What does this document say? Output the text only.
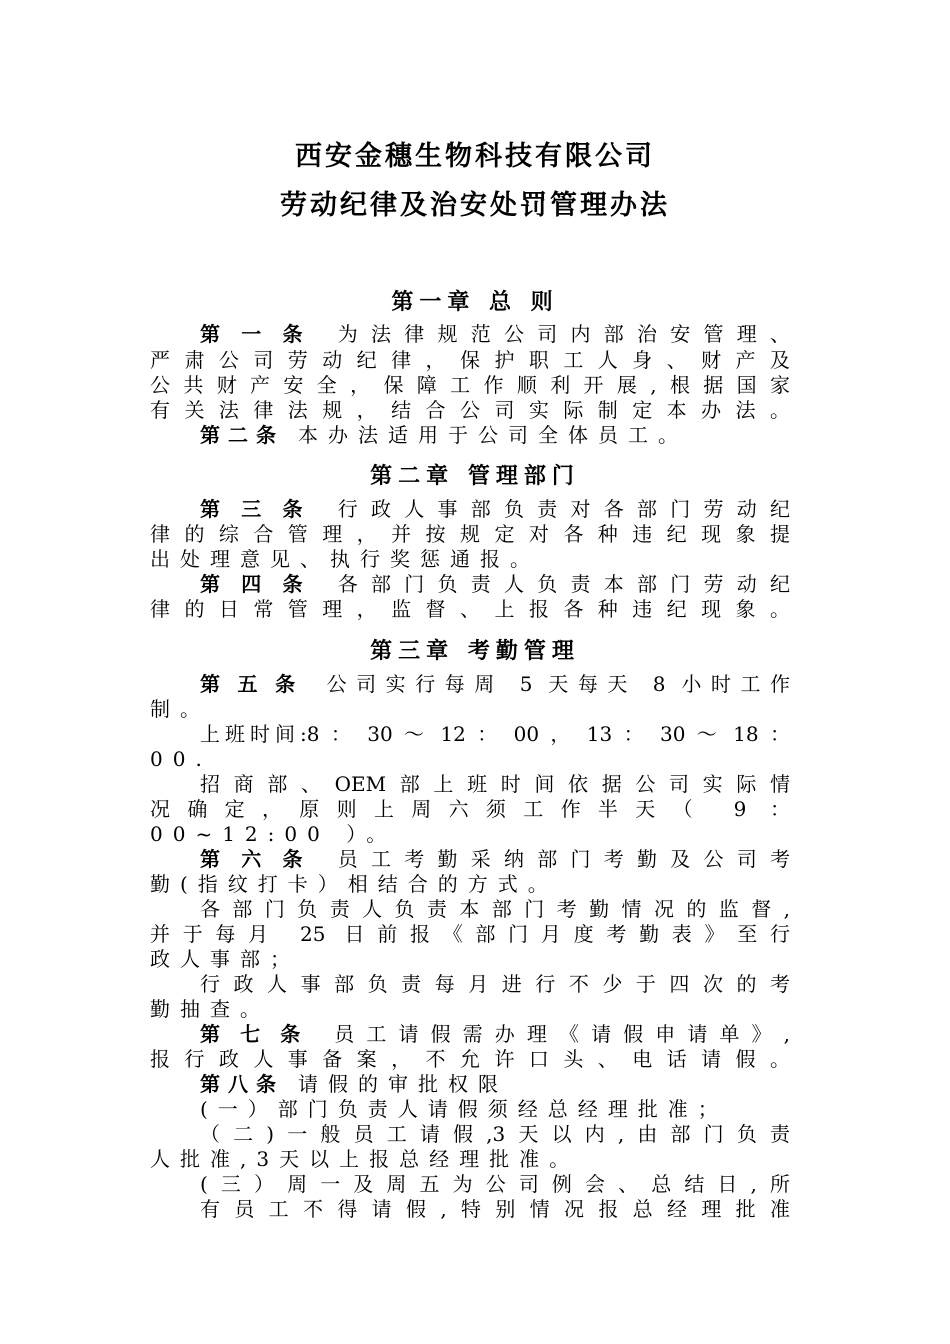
西安金穗生物科技有限公司
劳动纪律及治安处罚管理办法
第一章 总 则
第一条 为法律规范公司内部治安管理、
严肃公司劳动纪律，保护职工人身、财产及
公共财产安全，保障工作顺利开展,根据国家
有关法律法规，结合公司实际制定本办法。
第二条 本办法适用于公司全体员工。
第二章 管理部门
第三条 行政人事部负责对各部门劳动纪
律的综合管理，并按规定对各种违纪现象提
出处理意见、执行奖惩通报。
第四条 各部门负责人负责本部门劳动纪
律的日常管理，监督、上报各种违纪现象。
第三章 考勤管理
第五条 公司实行每周 5 天每天 8 小时工作
制。
上班时间:8 ： 30 ～ 12 ： 00 ， 13 ： 30 ～ 18 ：
00.
招商部、OEM部上班时间依据公司实际情
况确定，原则上周六须工作半天（ 9 ：
00~12:00 ）。
第六条 员工考勤采纳部门考勤及公司考
勤(指纹打卡）相结合的方式。
各部门负责人负责本部门考勤情况的监督,
并于每月 25 日前报《部门月度考勤表》至行
政人事部；
行政人事部负责每月进行不少于四次的考
勤抽查。
第七条 员工请假需办理《请假申请单》,
报行政人事备案，不允许口头、电话请假。
第八条 请假的审批权限
(一）部门负责人请假须经总经理批准；
（二)一般员工请假,3天以内,由部门负责
人批准,3天以上报总经理批准。
(三）周一及周五为公司例会、总结日,所
有员工不得请假,特别情况报总经理批准
